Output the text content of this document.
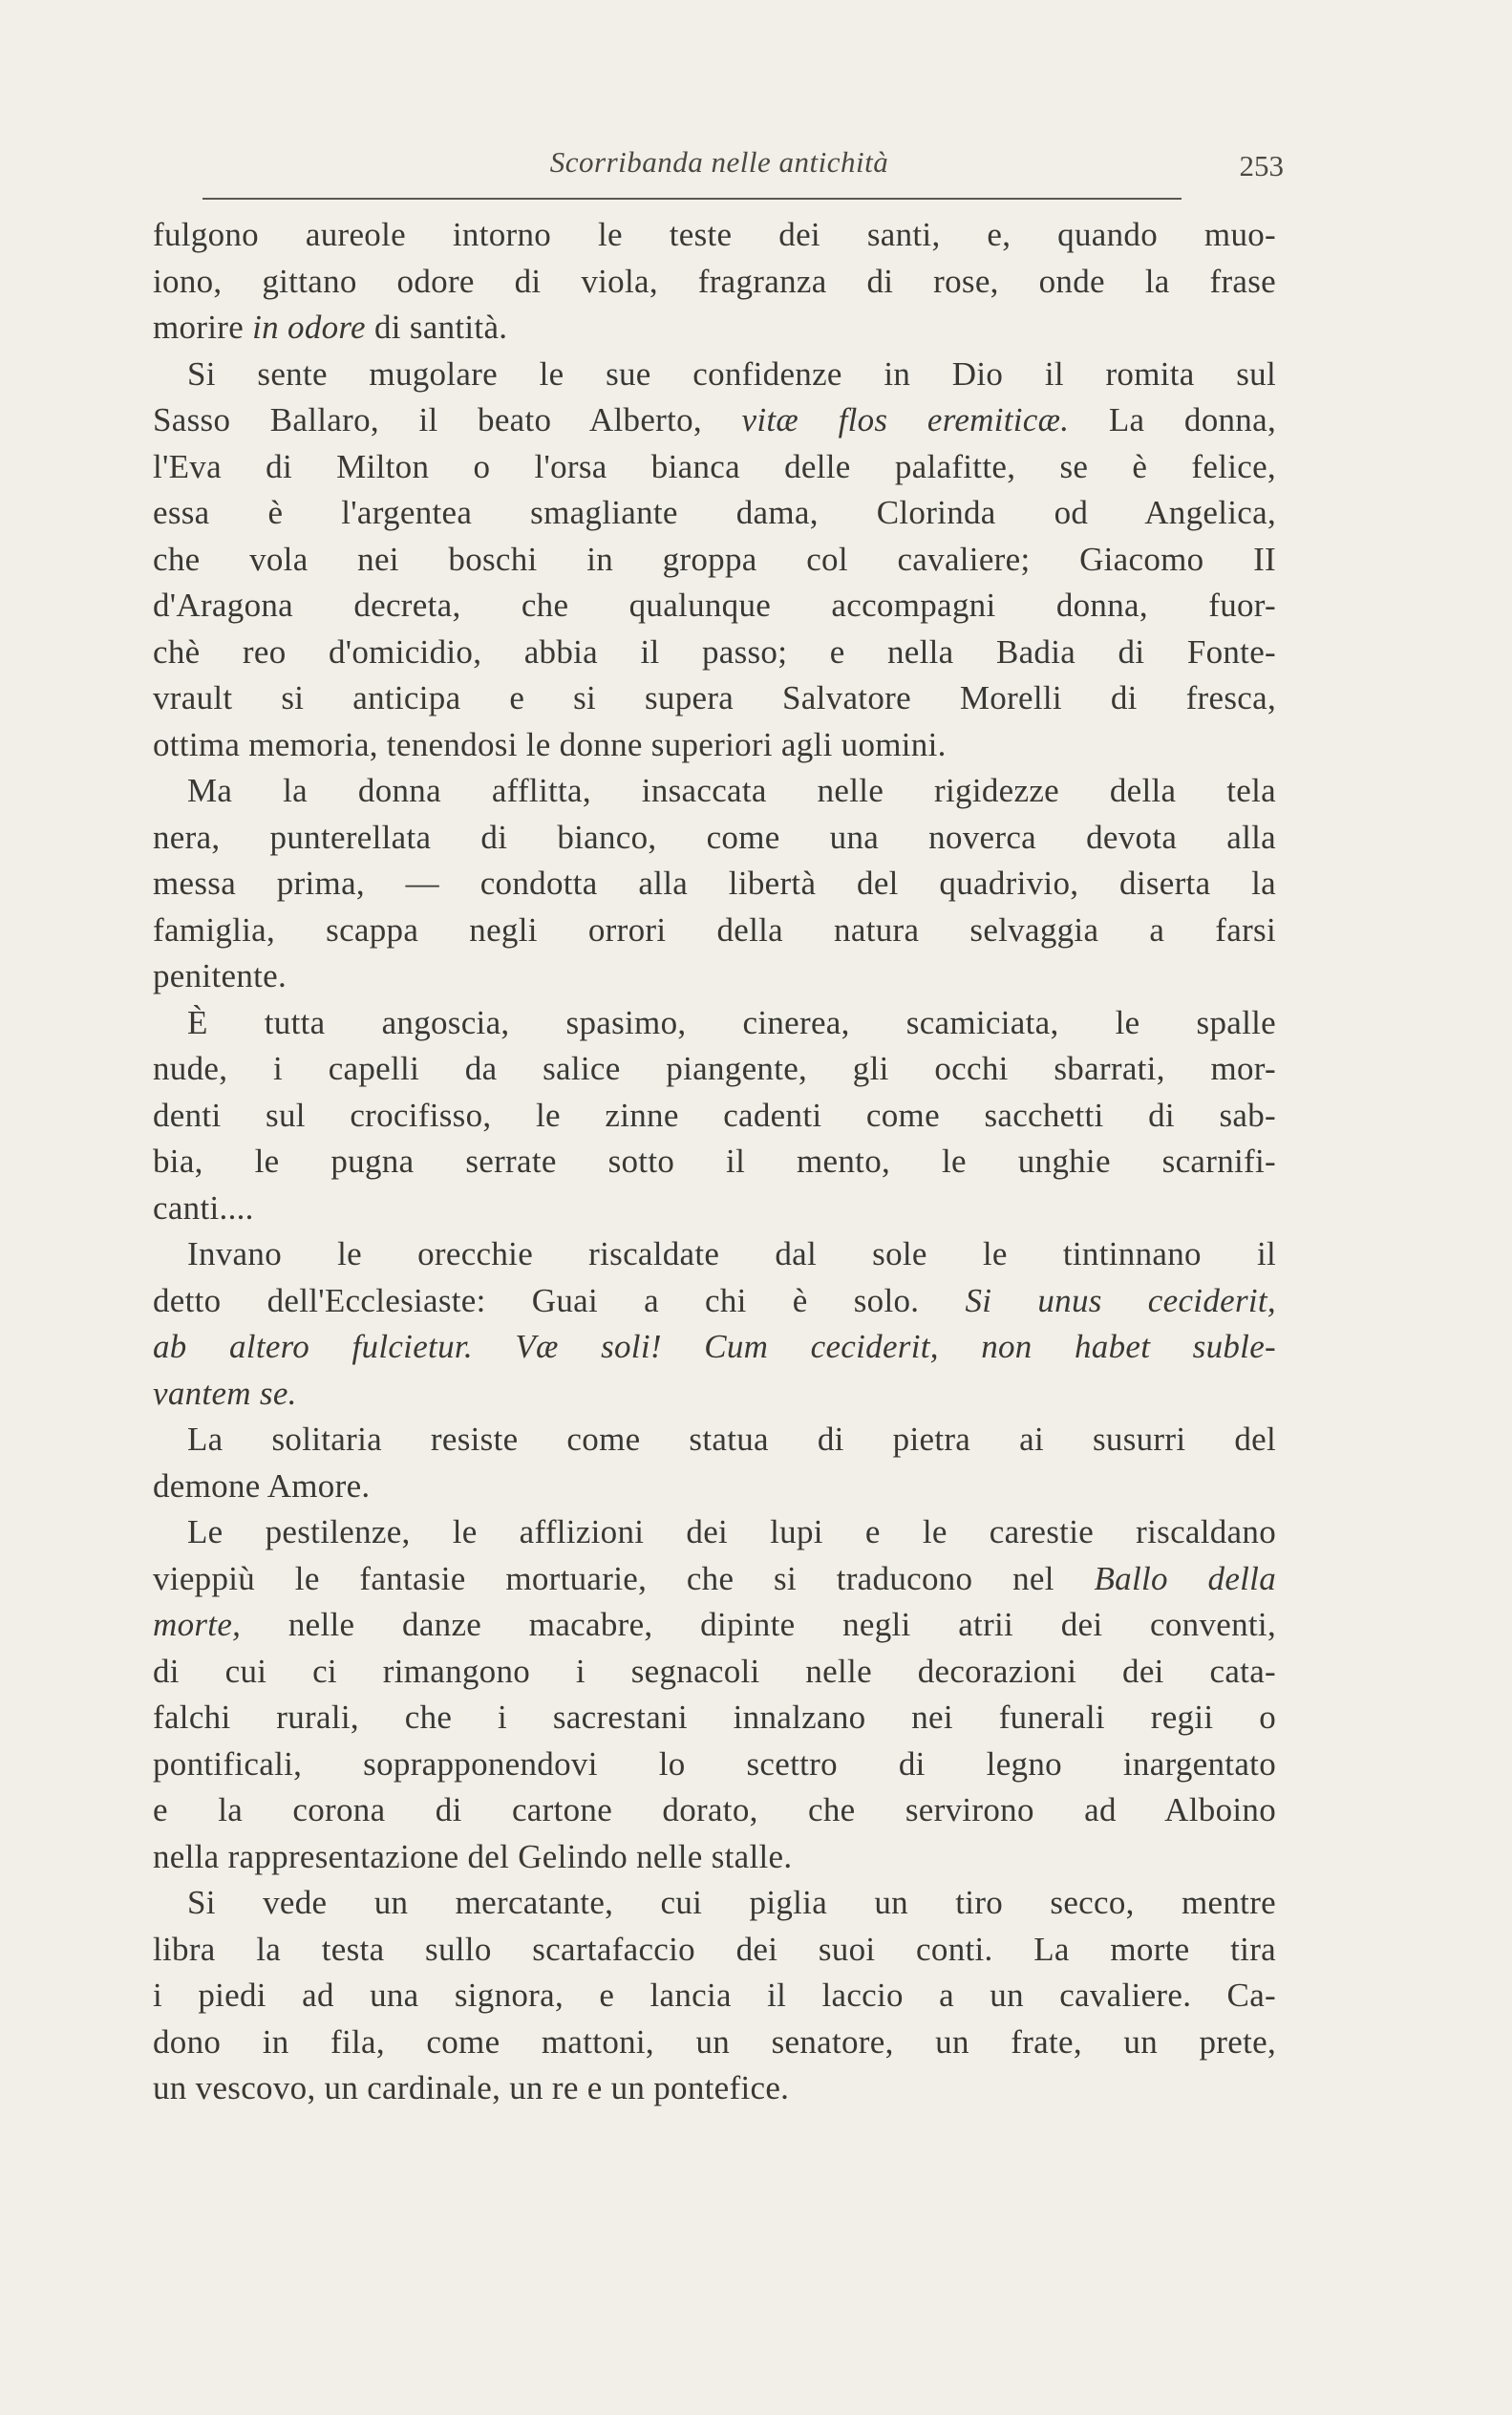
Scorribanda nelle antichità	253
fulgono aureole intorno le teste dei santi, e, quando muo-
iono, gittano odore di viola, fragranza di rose, onde la frase
morire in odore di santità.
Si sente mugolare le sue confidenze in Dio il romita sul
Sasso Ballaro, il beato Alberto, vitæ flos eremiticæ. La donna,
l'Eva di Milton o l'orsa bianca delle palafitte, se è felice,
essa è l'argentea smagliante dama, Clorinda od Angelica,
che vola nei boschi in groppa col cavaliere; Giacomo II
d'Aragona decreta, che qualunque accompagni donna, fuor-
chè reo d'omicidio, abbia il passo; e nella Badia di Fonte-
vrault si anticipa e si supera Salvatore Morelli di fresca,
ottima memoria, tenendosi le donne superiori agli uomini.
Ma la donna afflitta, insaccata nelle rigidezze della tela
nera, punterellata di bianco, come una noverca devota alla
messa prima, — condotta alla libertà del quadrivio, diserta la
famiglia, scappa negli orrori della natura selvaggia a farsi
penitente.
È tutta angoscia, spasimo, cinerea, scamiciata, le spalle
nude, i capelli da salice piangente, gli occhi sbarrati, mor-
denti sul crocifisso, le zinne cadenti come sacchetti di sab-
bia, le pugna serrate sotto il mento, le unghie scarnifi-
canti....
Invano le orecchie riscaldate dal sole le tintinnano il
detto dell'Ecclesiaste: Guai a chi è solo. Si unus ceciderit,
ab altero fulcietur. Væ soli! Cum ceciderit, non habet suble-
vantem se.
La solitaria resiste come statua di pietra ai susurri del
demone Amore.
Le pestilenze, le afflizioni dei lupi e le carestie riscaldano
vieppiù le fantasie mortuarie, che si traducono nel Ballo della
morte, nelle danze macabre, dipinte negli atrii dei conventi,
di cui ci rimangono i segnacoli nelle decorazioni dei cata-
falchi rurali, che i sacrestani innalzano nei funerali regii o
pontificali, soprapponendovi lo scettro di legno inargentato
e la corona di cartone dorato, che servirono ad Alboino
nella rappresentazione del Gelindo nelle stalle.
Si vede un mercatante, cui piglia un tiro secco, mentre
libra la testa sullo scartafaccio dei suoi conti. La morte tira
i piedi ad una signora, e lancia il laccio a un cavaliere. Ca-
dono in fila, come mattoni, un senatore, un frate, un prete,
un vescovo, un cardinale, un re e un pontefice.
